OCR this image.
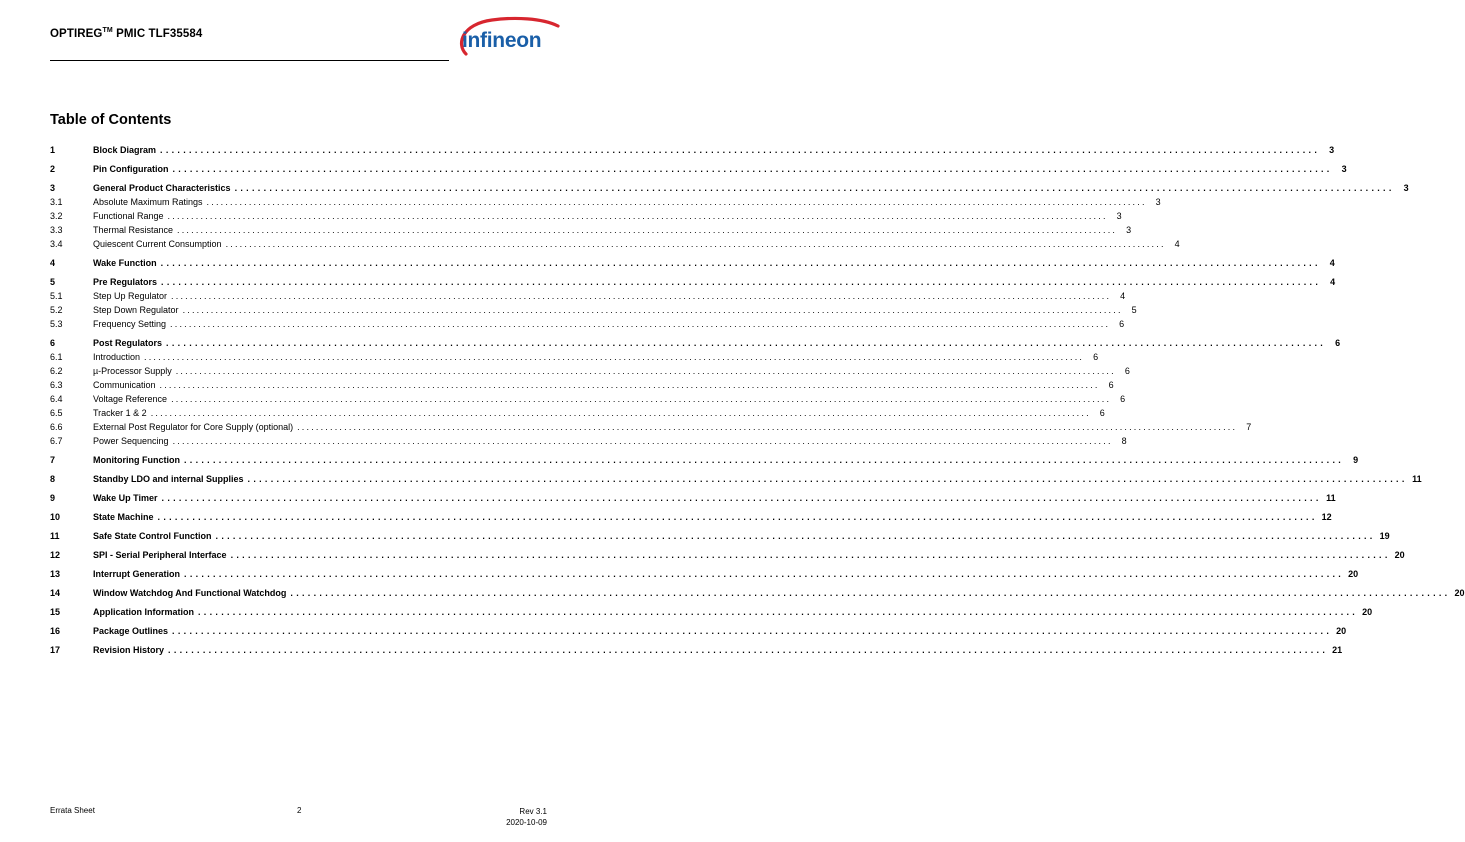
OPTIREG™ PMIC TLF35584	infineon
Table of Contents
1	Block Diagram ........................................................................................................................................................................................................ 3
2	Pin Configuration ........................................................................................................................................................................................................ 3
3	General Product Characteristics ........................................................................................................................................................................................................ 3
3.1	Absolute Maximum Ratings ........................................................................................................................................................................................................ 3
3.2	Functional Range ........................................................................................................................................................................................................ 3
3.3	Thermal Resistance ........................................................................................................................................................................................................ 3
3.4	Quiescent Current Consumption ........................................................................................................................................................................................................ 4
4	Wake Function ........................................................................................................................................................................................................ 4
5	Pre Regulators ........................................................................................................................................................................................................ 4
5.1	Step Up Regulator ........................................................................................................................................................................................................ 4
5.2	Step Down Regulator ........................................................................................................................................................................................................ 5
5.3	Frequency Setting ........................................................................................................................................................................................................ 6
6	Post Regulators ........................................................................................................................................................................................................ 6
6.1	Introduction ........................................................................................................................................................................................................ 6
6.2	µ-Processor Supply ........................................................................................................................................................................................................ 6
6.3	Communication ........................................................................................................................................................................................................ 6
6.4	Voltage Reference ........................................................................................................................................................................................................ 6
6.5	Tracker 1 & 2 ........................................................................................................................................................................................................ 6
6.6	External Post Regulator for Core Supply (optional) ........................................................................................................................................................................................................ 7
6.7	Power Sequencing ........................................................................................................................................................................................................ 8
7	Monitoring Function ........................................................................................................................................................................................................ 9
8	Standby LDO and internal Supplies ........................................................................................................................................................................................................ 11
9	Wake Up Timer ........................................................................................................................................................................................................ 11
10	State Machine ........................................................................................................................................................................................................ 12
11	Safe State Control Function ........................................................................................................................................................................................................ 19
12	SPI - Serial Peripheral Interface ........................................................................................................................................................................................................ 20
13	Interrupt Generation ........................................................................................................................................................................................................ 20
14	Window Watchdog And Functional Watchdog ........................................................................................................................................................................................................ 20
15	Application Information ........................................................................................................................................................................................................ 20
16	Package Outlines ........................................................................................................................................................................................................ 20
17	Revision History ........................................................................................................................................................................................................ 21
Errata Sheet	2	Rev 3.1
2020-10-09
